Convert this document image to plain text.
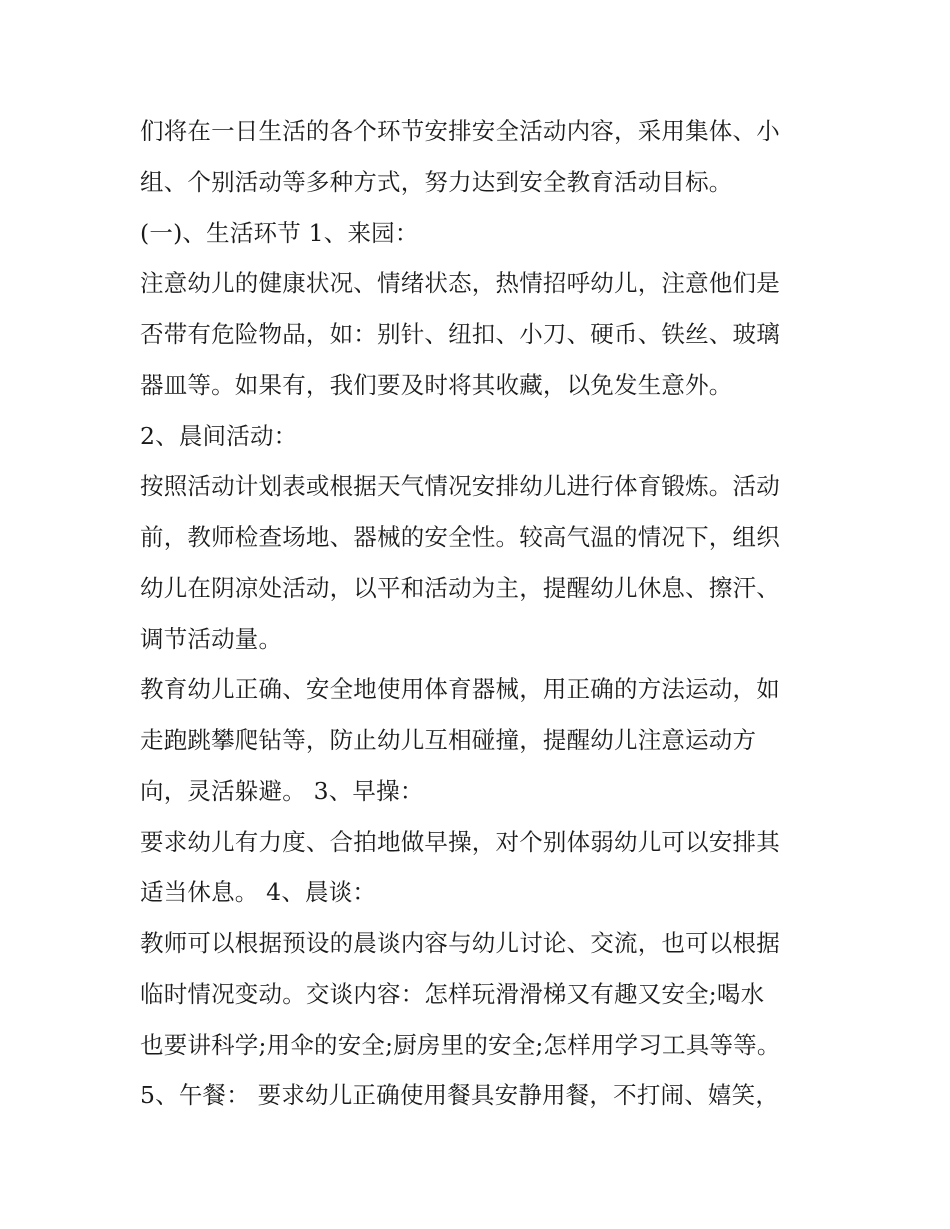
们将在一日生活的各个环节安排安全活动内容，采用集体、小
组、个别活动等多种方式，努力达到安全教育活动目标。
(一)、生活环节 1、来园：
注意幼儿的健康状况、情绪状态，热情招呼幼儿，注意他们是
否带有危险物品，如：别针、纽扣、小刀、硬币、铁丝、玻璃
器皿等。如果有，我们要及时将其收藏，以免发生意外。
2、晨间活动：
按照活动计划表或根据天气情况安排幼儿进行体育锻炼。活动
前，教师检查场地、器械的安全性。较高气温的情况下，组织
幼儿在阴凉处活动，以平和活动为主，提醒幼儿休息、擦汗、
调节活动量。
教育幼儿正确、安全地使用体育器械，用正确的方法运动，如
走跑跳攀爬钻等，防止幼儿互相碰撞，提醒幼儿注意运动方
向，灵活躲避。 3、早操：
要求幼儿有力度、合拍地做早操，对个别体弱幼儿可以安排其
适当休息。 4、晨谈：
教师可以根据预设的晨谈内容与幼儿讨论、交流，也可以根据
临时情况变动。交谈内容：怎样玩滑滑梯又有趣又安全;喝水
也要讲科学;用伞的安全;厨房里的安全;怎样用学习工具等等。
5、午餐： 要求幼儿正确使用餐具安静用餐，不打闹、嬉笑，
